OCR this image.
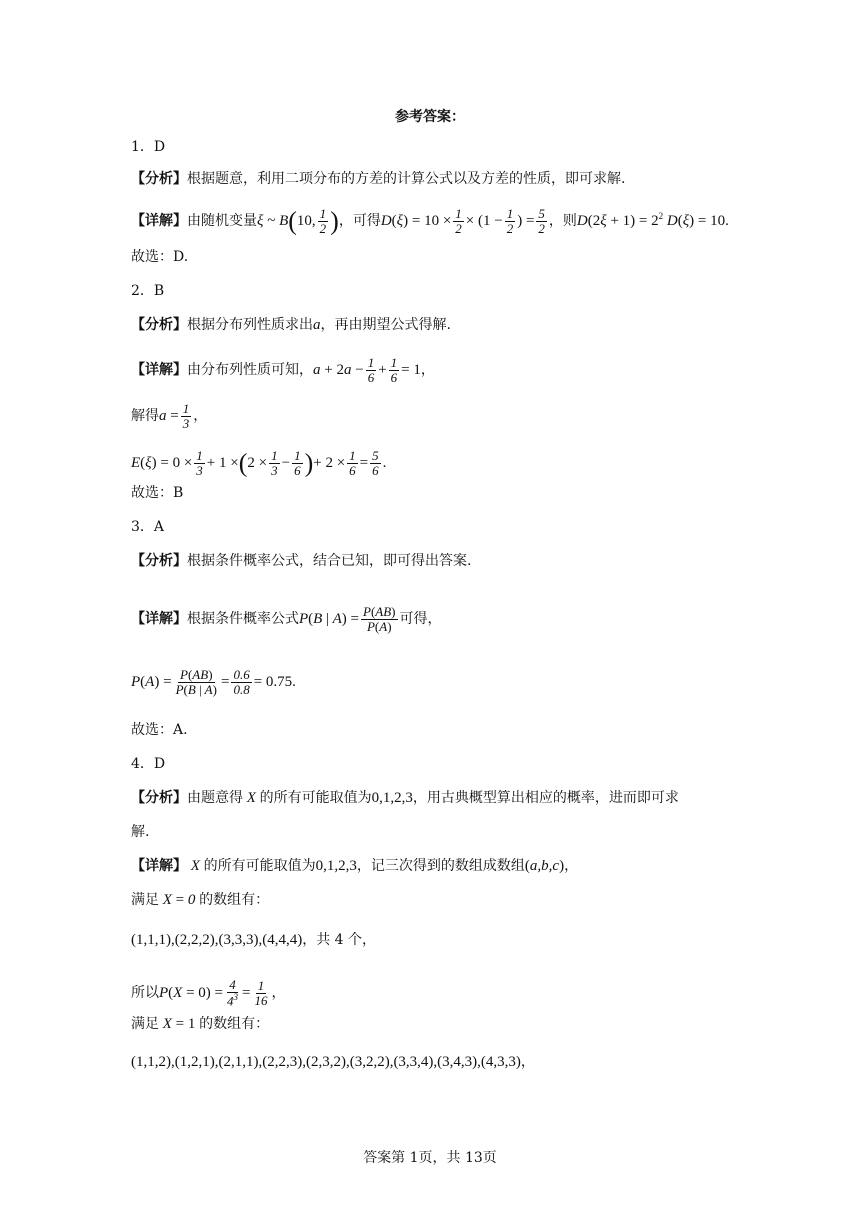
参考答案：
1．D
【分析】根据题意，利用二项分布的方差的计算公式以及方差的性质，即可求解.
【详解】由随机变量ξ ~ B(10, $\frac{1}{2}$ )，可得$D(\xi) = 10 \times \frac{1}{2} \times (1 - \frac{1}{2}$ ) = $\frac{5}{2}$ ，则$D(2\xi + 1) = 2^2$ D(ξ) = 10.
故选：D.
2．B
【分析】根据分布列性质求出a，再由期望公式得解.
【详解】由分布列性质可知，$a + 2a - \frac{1}{6} + \frac{1}{6} = 1$，
解得$a = \frac{1}{3}$ ，
$E(\xi) = 0 \times \frac{1}{3} + 1 \times(2 \times \frac{1}{3} - \frac{1}{6}$ )+ $2 \times \frac{1}{6} = \frac{5}{6}$ .
故选：B
3．A
【分析】根据条件概率公式，结合已知，即可得出答案.
【详解】根据条件概率公式P(B | $A) = \frac{P(AB)}{P(A)}$ 可得，
$P(A) = \frac{P(AB)}{P(B | A)} = \frac{0.6}{0.8} = 0.75$.
故选：A.
4．D
【分析】由题意得 X 的所有可能取值为0,1,2,3，用古典概型算出相应的概率，进而即可求
解.
【详解】 X 的所有可能取值为0,1,2,3，记三次得到的数组成数组(a,b,c)，
满足 X = 0 的数组有：
(1,1,1),(2,2,2),(3,3,3),(4,4,4)，共 4 个，
所以$P(X = 0) = \frac{4}{4^3} = \frac{1}{16}$ ，
满足 X = 1 的数组有：
(1,1,2),(1,2,1),(2,1,1),(2,2,3),(2,3,2),(3,2,2),(3,3,4),(3,4,3),(4,3,3)，
答案第 1页，共 13页
